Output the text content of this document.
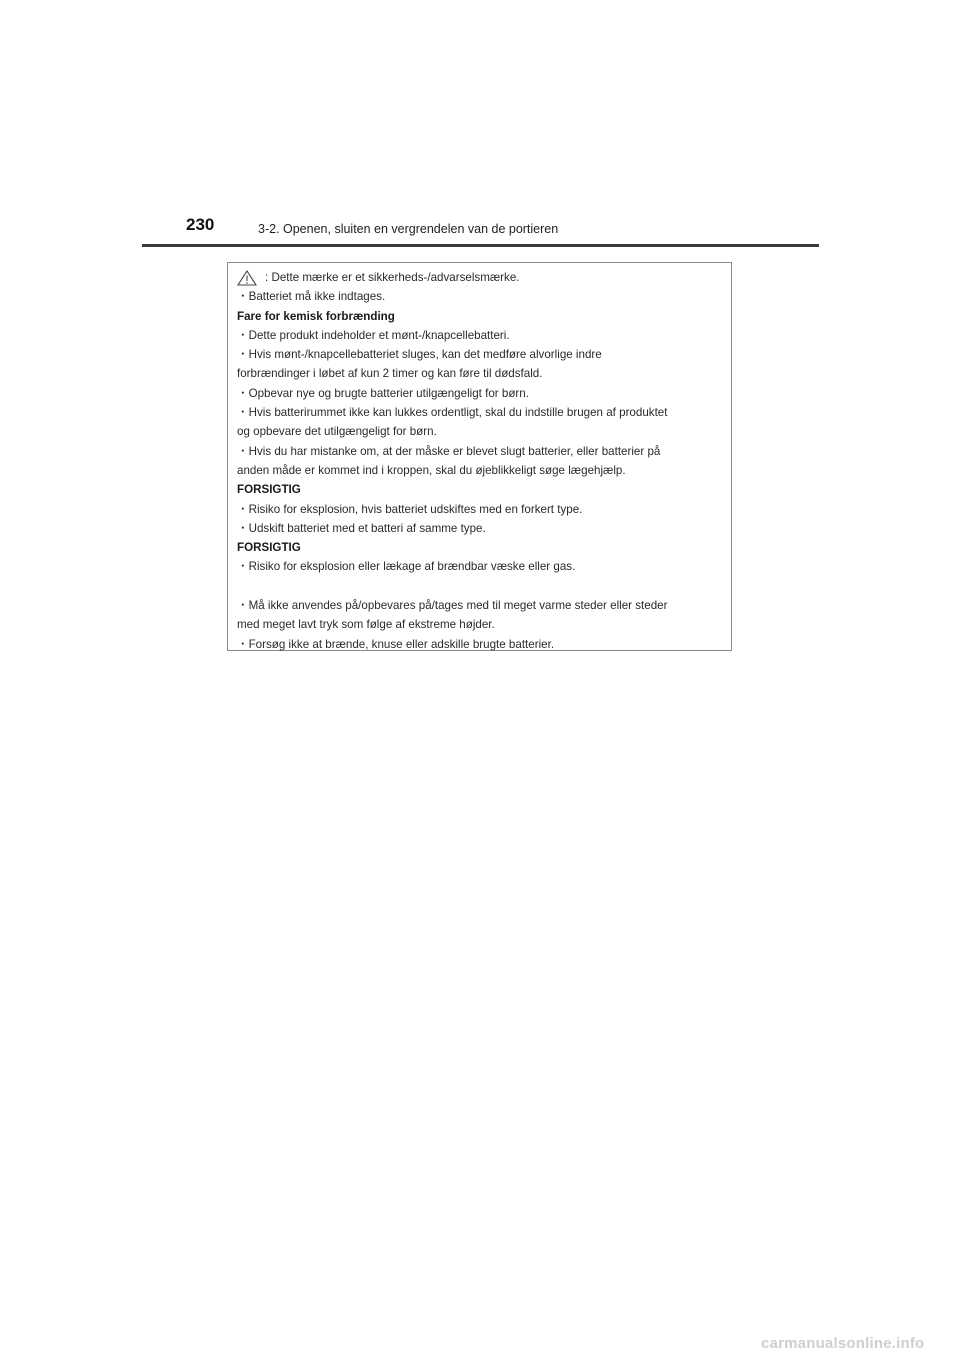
230	3-2. Openen, sluiten en vergrendelen van de portieren
: Dette mærke er et sikkerheds-/advarselsmærke.
・Batteriet må ikke indtages.
Fare for kemisk forbrænding
・Dette produkt indeholder et mønt-/knapcellebatteri.
・Hvis mønt-/knapcellebatteriet sluges, kan det medføre alvorlige indre
forbrændinger i løbet af kun 2 timer og kan føre til dødsfald.
・Opbevar nye og brugte batterier utilgængeligt for børn.
・Hvis batterirummet ikke kan lukkes ordentligt, skal du indstille brugen af produktet
og opbevare det utilgængeligt for børn.
・Hvis du har mistanke om, at der måske er blevet slugt batterier, eller batterier på
anden måde er kommet ind i kroppen, skal du øjeblikkeligt søge lægehjælp.
FORSIGTIG
・Risiko for eksplosion, hvis batteriet udskiftes med en forkert type.
・Udskift batteriet med et batteri af samme type.
FORSIGTIG
・Risiko for eksplosion eller lækage af brændbar væske eller gas.
・Må ikke anvendes på/opbevares på/tages med til meget varme steder eller steder
med meget lavt tryk som følge af ekstreme højder.
・Forsøg ikke at brænde, knuse eller adskille brugte batterier.
carmanualsonline.info
